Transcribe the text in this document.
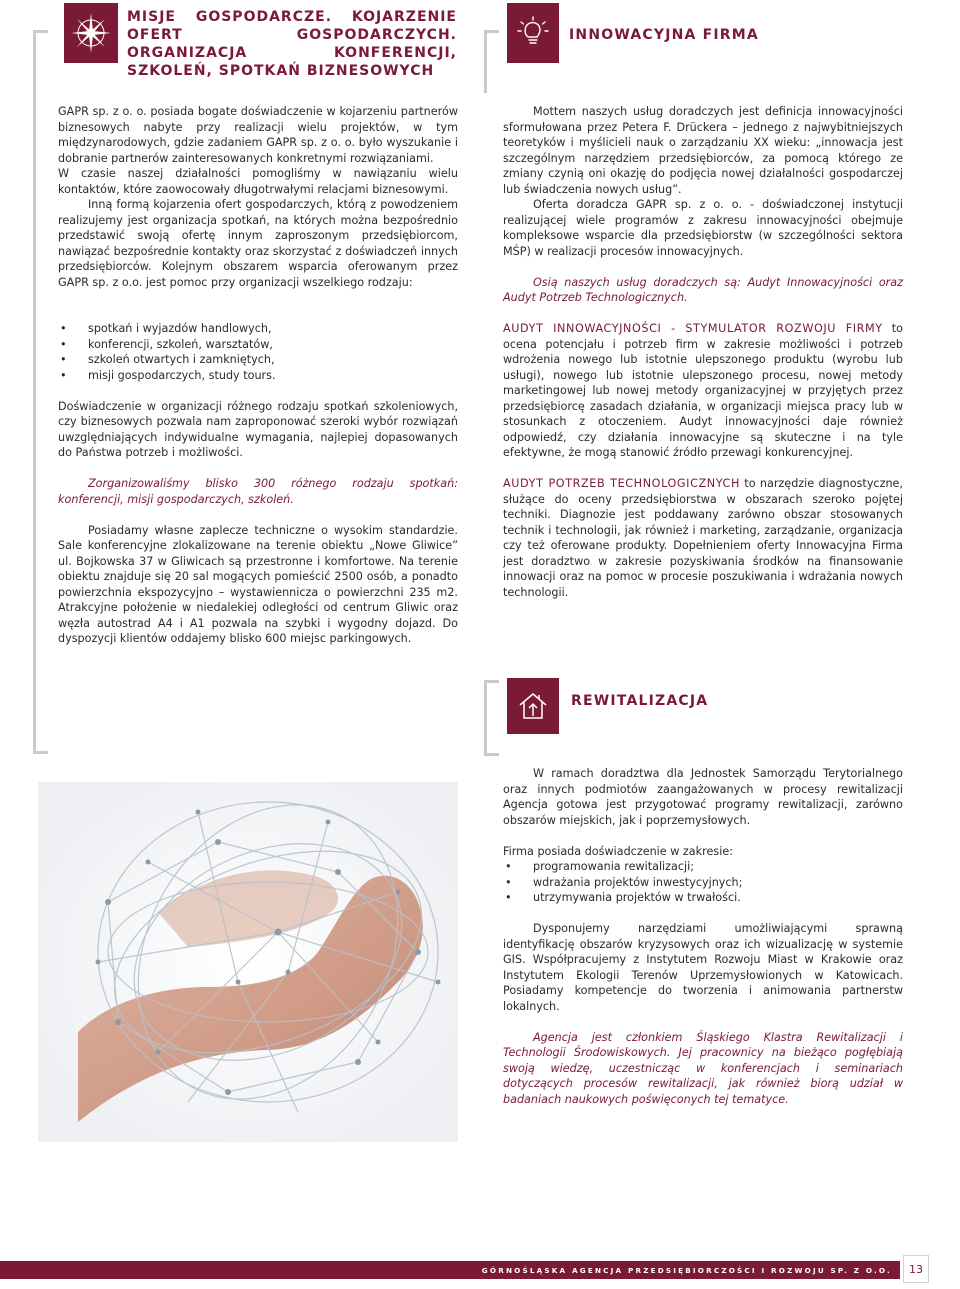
MISJE GOSPODARCZE. KOJARZENIE OFERT GOSPODARCZYCH. ORGANIZACJA KONFERENCJI, SZKOLEŃ, SPOTKAŃ BIZNESOWYCH
INNOWACYJNA FIRMA

GAPR sp. z o. o. posiada bogate doświadczenie w kojarzeniu partnerów biznesowych nabyte przy realizacji wielu projektów, w tym międzynarodowych, gdzie zadaniem GAPR sp. z o. o. było wyszukanie i dobranie partnerów zainteresowanych konkretnymi rozwiązaniami.

W czasie naszej działalności pomogliśmy w nawiązaniu wielu kontaktów, które zaowocowały długotrwałymi relacjami biznesowymi.

Inną formą kojarzenia ofert gospodarczych, którą z powodzeniem realizujemy jest organizacja spotkań, na których można bezpośrednio przedstawić swoją ofertę innym zaproszonym przedsiębiorcom, nawiązać bezpośrednie kontakty oraz skorzystać z doświadczeń innych przedsiębiorców. Kolejnym obszarem wsparcia oferowanym przez GAPR sp. z o.o. jest pomoc przy organizacji wszelkiego rodzaju:

• spotkań i wyjazdów handlowych,
• konferencji, szkoleń, warsztatów,
• szkoleń otwartych i zamkniętych,
• misji gospodarczych, study tours.

Doświadczenie w organizacji różnego rodzaju spotkań szkoleniowych, czy biznesowych pozwala nam zaproponować szeroki wybór rozwiązań uwzględniających indywidualne wymagania, najlepiej dopasowanych do Państwa potrzeb i możliwości.

Zorganizowaliśmy blisko 300 różnego rodzaju spotkań: konferencji, misji gospodarczych, szkoleń.

Posiadamy własne zaplecze techniczne o wysokim standardzie. Sale konferencyjne zlokalizowane na terenie obiektu „Nowe Gliwice” ul. Bojkowska 37 w Gliwicach są przestronne i komfortowe. Na terenie obiektu znajduje się 20 sal mogących pomieścić 2500 osób, a ponadto powierzchnia ekspozycyjno – wystawiennicza o powierzchni 235 m2. Atrakcyjne położenie w niedalekiej odległości od centrum Gliwic oraz węzła autostrad A4 i A1 pozwala na szybki i wygodny dojazd. Do dyspozycji klientów oddajemy blisko 600 miejsc parkingowych.

Mottem naszych usług doradczych jest definicja innowacyjności sformułowana przez Petera F. Drückera – jednego z najwybitniejszych teoretyków i myślicieli nauk o zarządzaniu XX wieku: „innowacja jest szczególnym narzędziem przedsiębiorców, za pomocą którego ze zmiany czynią oni okazję do podjęcia nowej działalności gospodarczej lub świadczenia nowych usług”.

Oferta doradcza GAPR sp. z o. o. - doświadczonej instytucji realizującej wiele programów z zakresu innowacyjności obejmuje kompleksowe wsparcie dla przedsiębiorstw (w szczególności sektora MŚP) w realizacji procesów innowacyjnych.

Osią naszych usług doradczych są: Audyt Innowacyjności oraz Audyt Potrzeb Technologicznych.

AUDYT INNOWACYJNOŚCI - STYMULATOR ROZWOJU FIRMY to ocena potencjału i potrzeb firm w zakresie możliwości i potrzeb wdrożenia nowego lub istotnie ulepszonego produktu (wyrobu lub usługi), nowego lub istotnie ulepszonego procesu, nowej metody marketingowej lub nowej metody organizacyjnej w przyjętych przez przedsiębiorcę zasadach działania, w organizacji miejsca pracy lub w stosunkach z otoczeniem. Audyt innowacyjności daje również odpowiedź, czy działania innowacyjne są skuteczne i na tyle efektywne, że mogą stanowić źródło przewagi konkurencyjnej.

AUDYT POTRZEB TECHNOLOGICZNYCH to narzędzie diagnostyczne, służące do oceny przedsiębiorstwa w obszarach szeroko pojętej techniki. Diagnozie jest poddawany zarówno obszar stosowanych technik i technologii, jak również i marketing, zarządzanie, organizacja czy też oferowane produkty. Dopełnieniem oferty Innowacyjna Firma jest doradztwo w zakresie pozyskiwania środków na finansowanie innowacji oraz na pomoc w procesie poszukiwania i wdrażania nowych technologii.

REWITALIZACJA

W ramach doradztwa dla Jednostek Samorządu Terytorialnego oraz innych podmiotów zaangażowanych w procesy rewitalizacji Agencja gotowa jest przygotować programy rewitalizacji, zarówno obszarów miejskich, jak i poprzemysłowych.

Firma posiada doświadczenie w zakresie:

• programowania rewitalizacji;
• wdrażania projektów inwestycyjnych;
• utrzymywania projektów w trwałości.

Dysponujemy narzędziami umożliwiającymi sprawną identyfikację obszarów kryzysowych oraz ich wizualizację w systemie GIS. Współpracujemy z Instytutem Rozwoju Miast w Krakowie oraz Instytutem Ekologii Terenów Uprzemysłowionych w Katowicach. Posiadamy kompetencje do tworzenia i animowania partnerstw lokalnych.

Agencja jest członkiem Śląskiego Klastra Rewitalizacji i Technologii Środowiskowych. Jej pracownicy na bieżąco pogłębiają swoją wiedzę, uczestnicząc w konferencjach i seminariach dotyczących procesów rewitalizacji, jak również biorą udział w badaniach naukowych poświęconych tej tematyce.

GÓRNOŚLĄSKA AGENCJA PRZEDSIĘBIORCZOŚCI I ROZWOJU SP. Z O.O.	13
